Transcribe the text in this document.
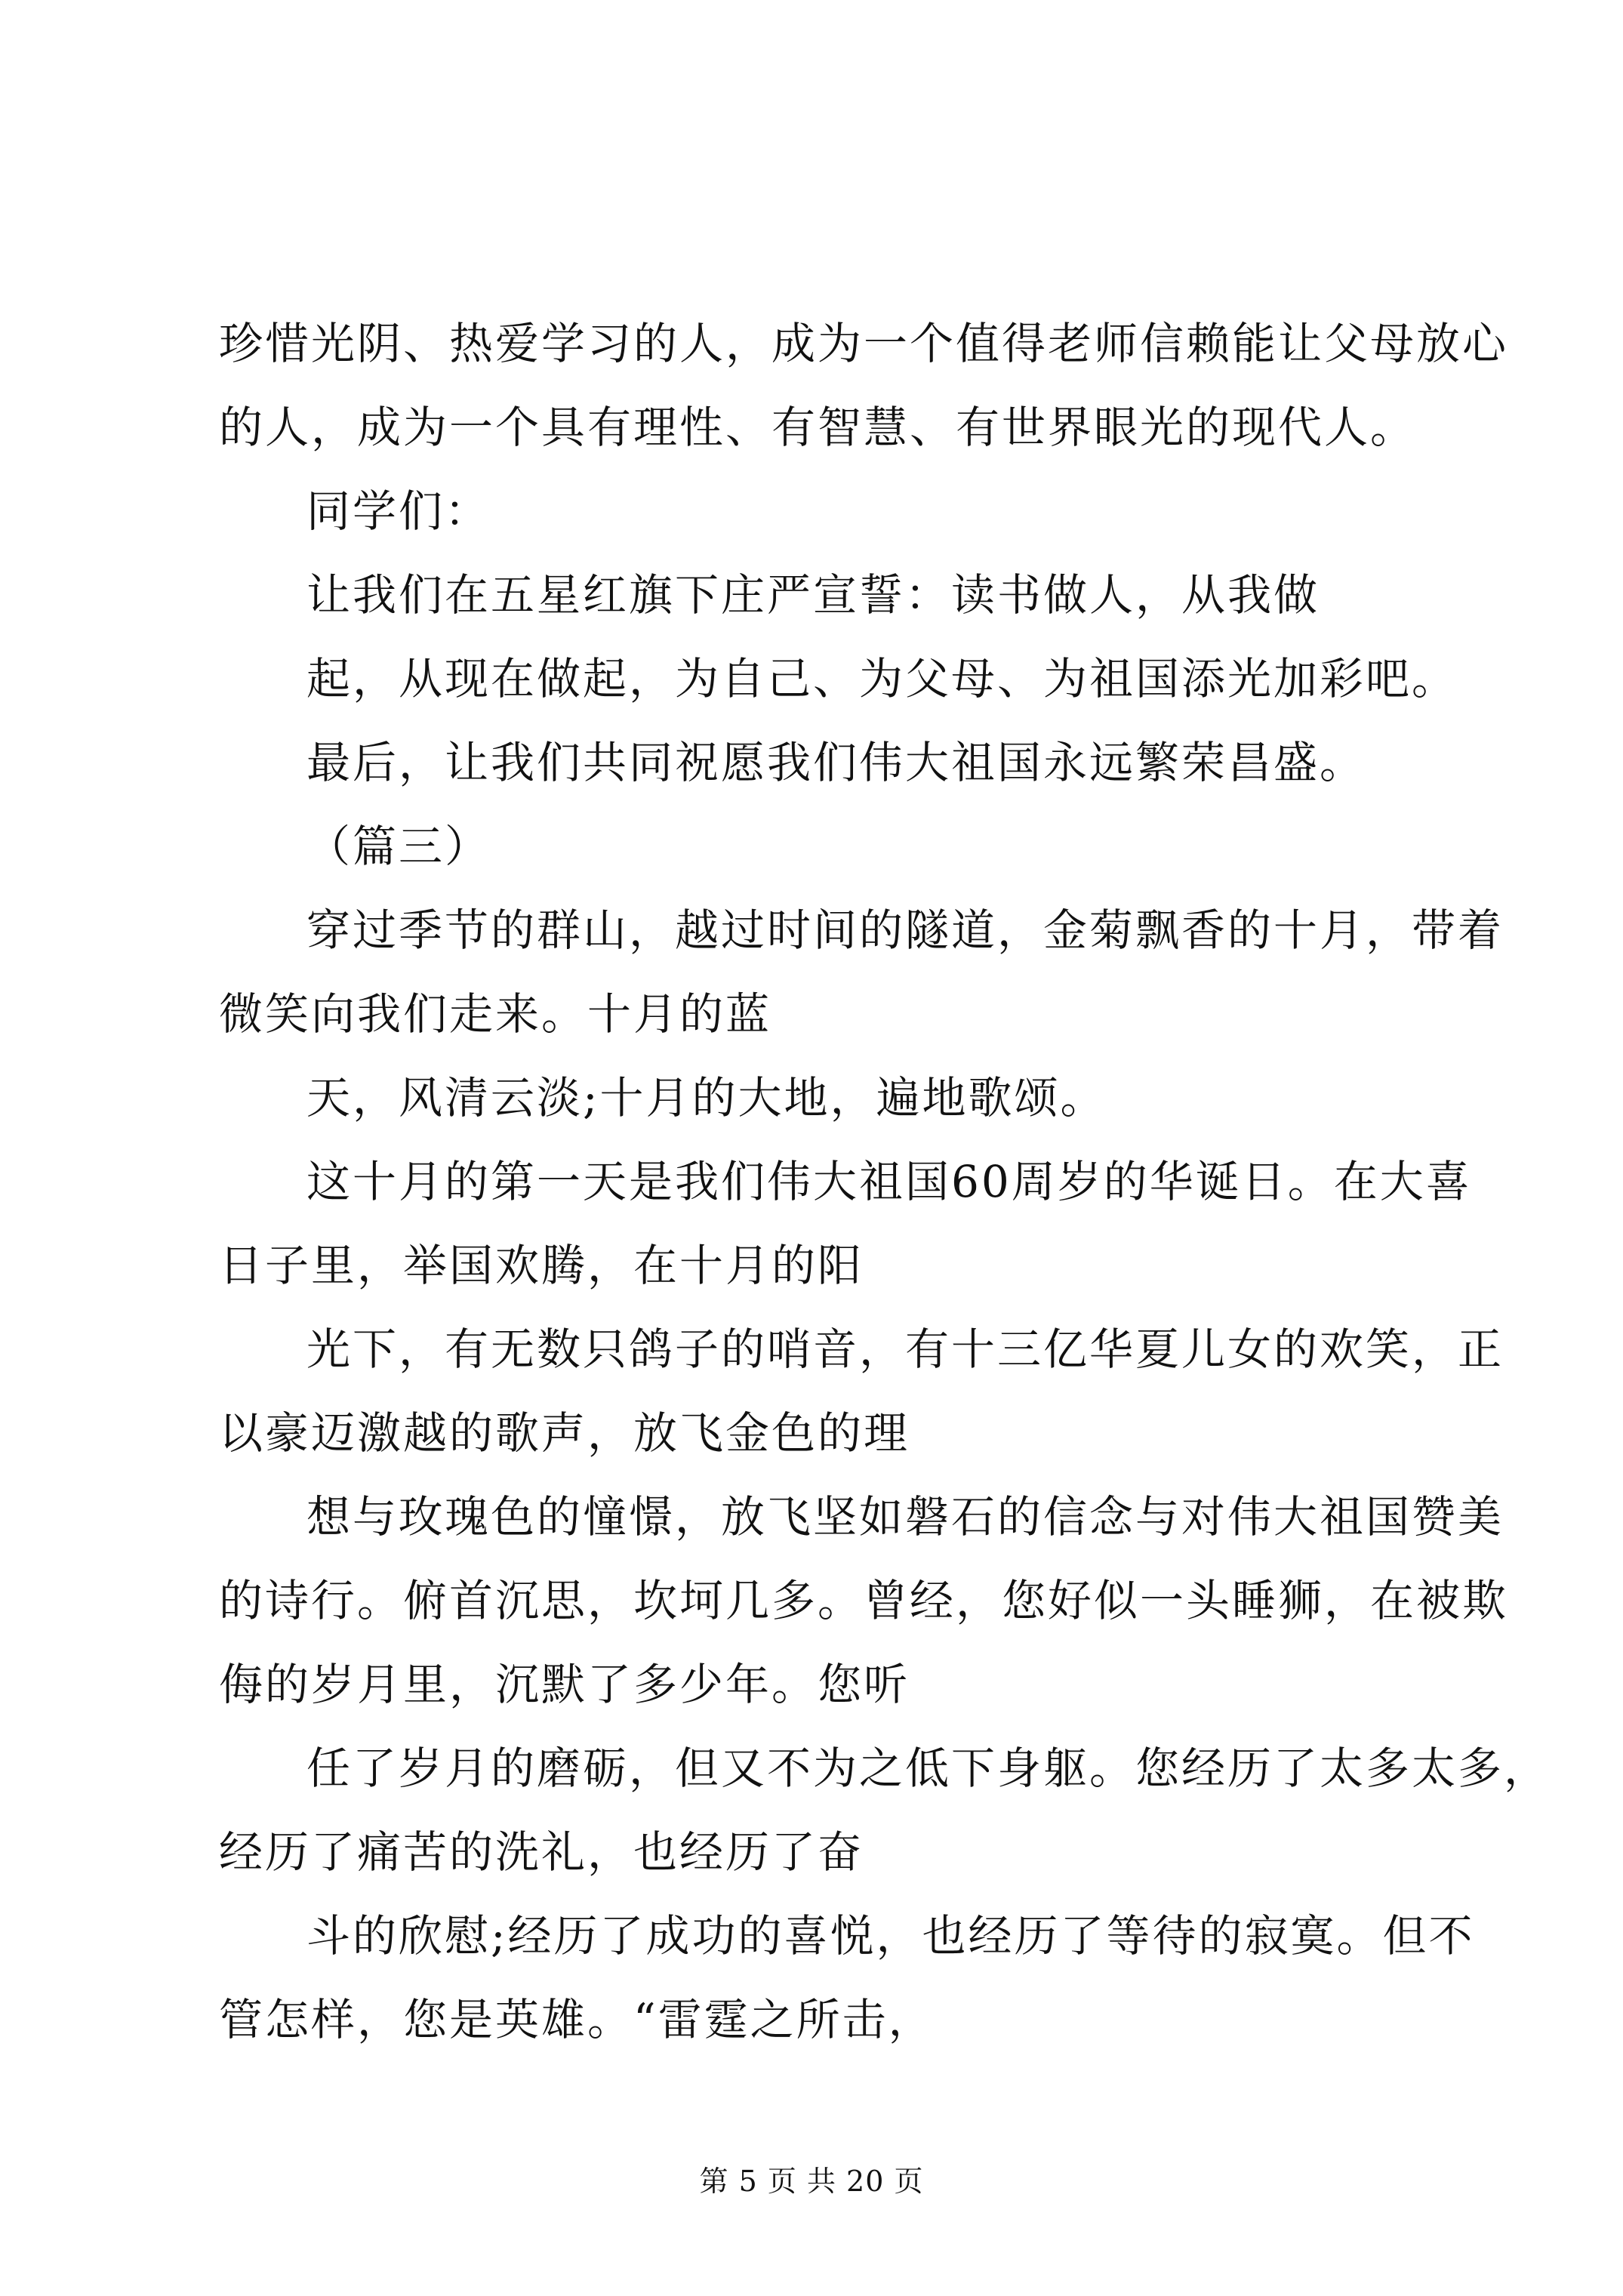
珍惜光阴、热爱学习的人，成为一个值得老师信赖能让父母放心
的人，成为一个具有理性、有智慧、有世界眼光的现代人。
同学们：
让我们在五星红旗下庄严宣誓：读书做人，从我做
起，从现在做起，为自己、为父母、为祖国添光加彩吧。
最后，让我们共同祝愿我们伟大祖国永远繁荣昌盛。
（篇三）
穿过季节的群山，越过时间的隧道，金菊飘香的十月，带着
微笑向我们走来。十月的蓝
天，风清云淡;十月的大地，遍地歌颂。
这十月的第一天是我们伟大祖国60周岁的华诞日。在大喜
日子里，举国欢腾，在十月的阳
光下，有无数只鸽子的哨音，有十三亿华夏儿女的欢笑，正
以豪迈激越的歌声，放飞金色的理
想与玫瑰色的憧憬，放飞坚如磐石的信念与对伟大祖国赞美
的诗行。俯首沉思，坎坷几多。曾经，您好似一头睡狮，在被欺
侮的岁月里，沉默了多少年。您听
任了岁月的磨砺，但又不为之低下身躯。您经历了太多太多，
经历了痛苦的洗礼，也经历了奋
斗的欣慰;经历了成功的喜悦，也经历了等待的寂寞。但不
管怎样，您是英雄。“雷霆之所击，
第 5 页 共 20 页
